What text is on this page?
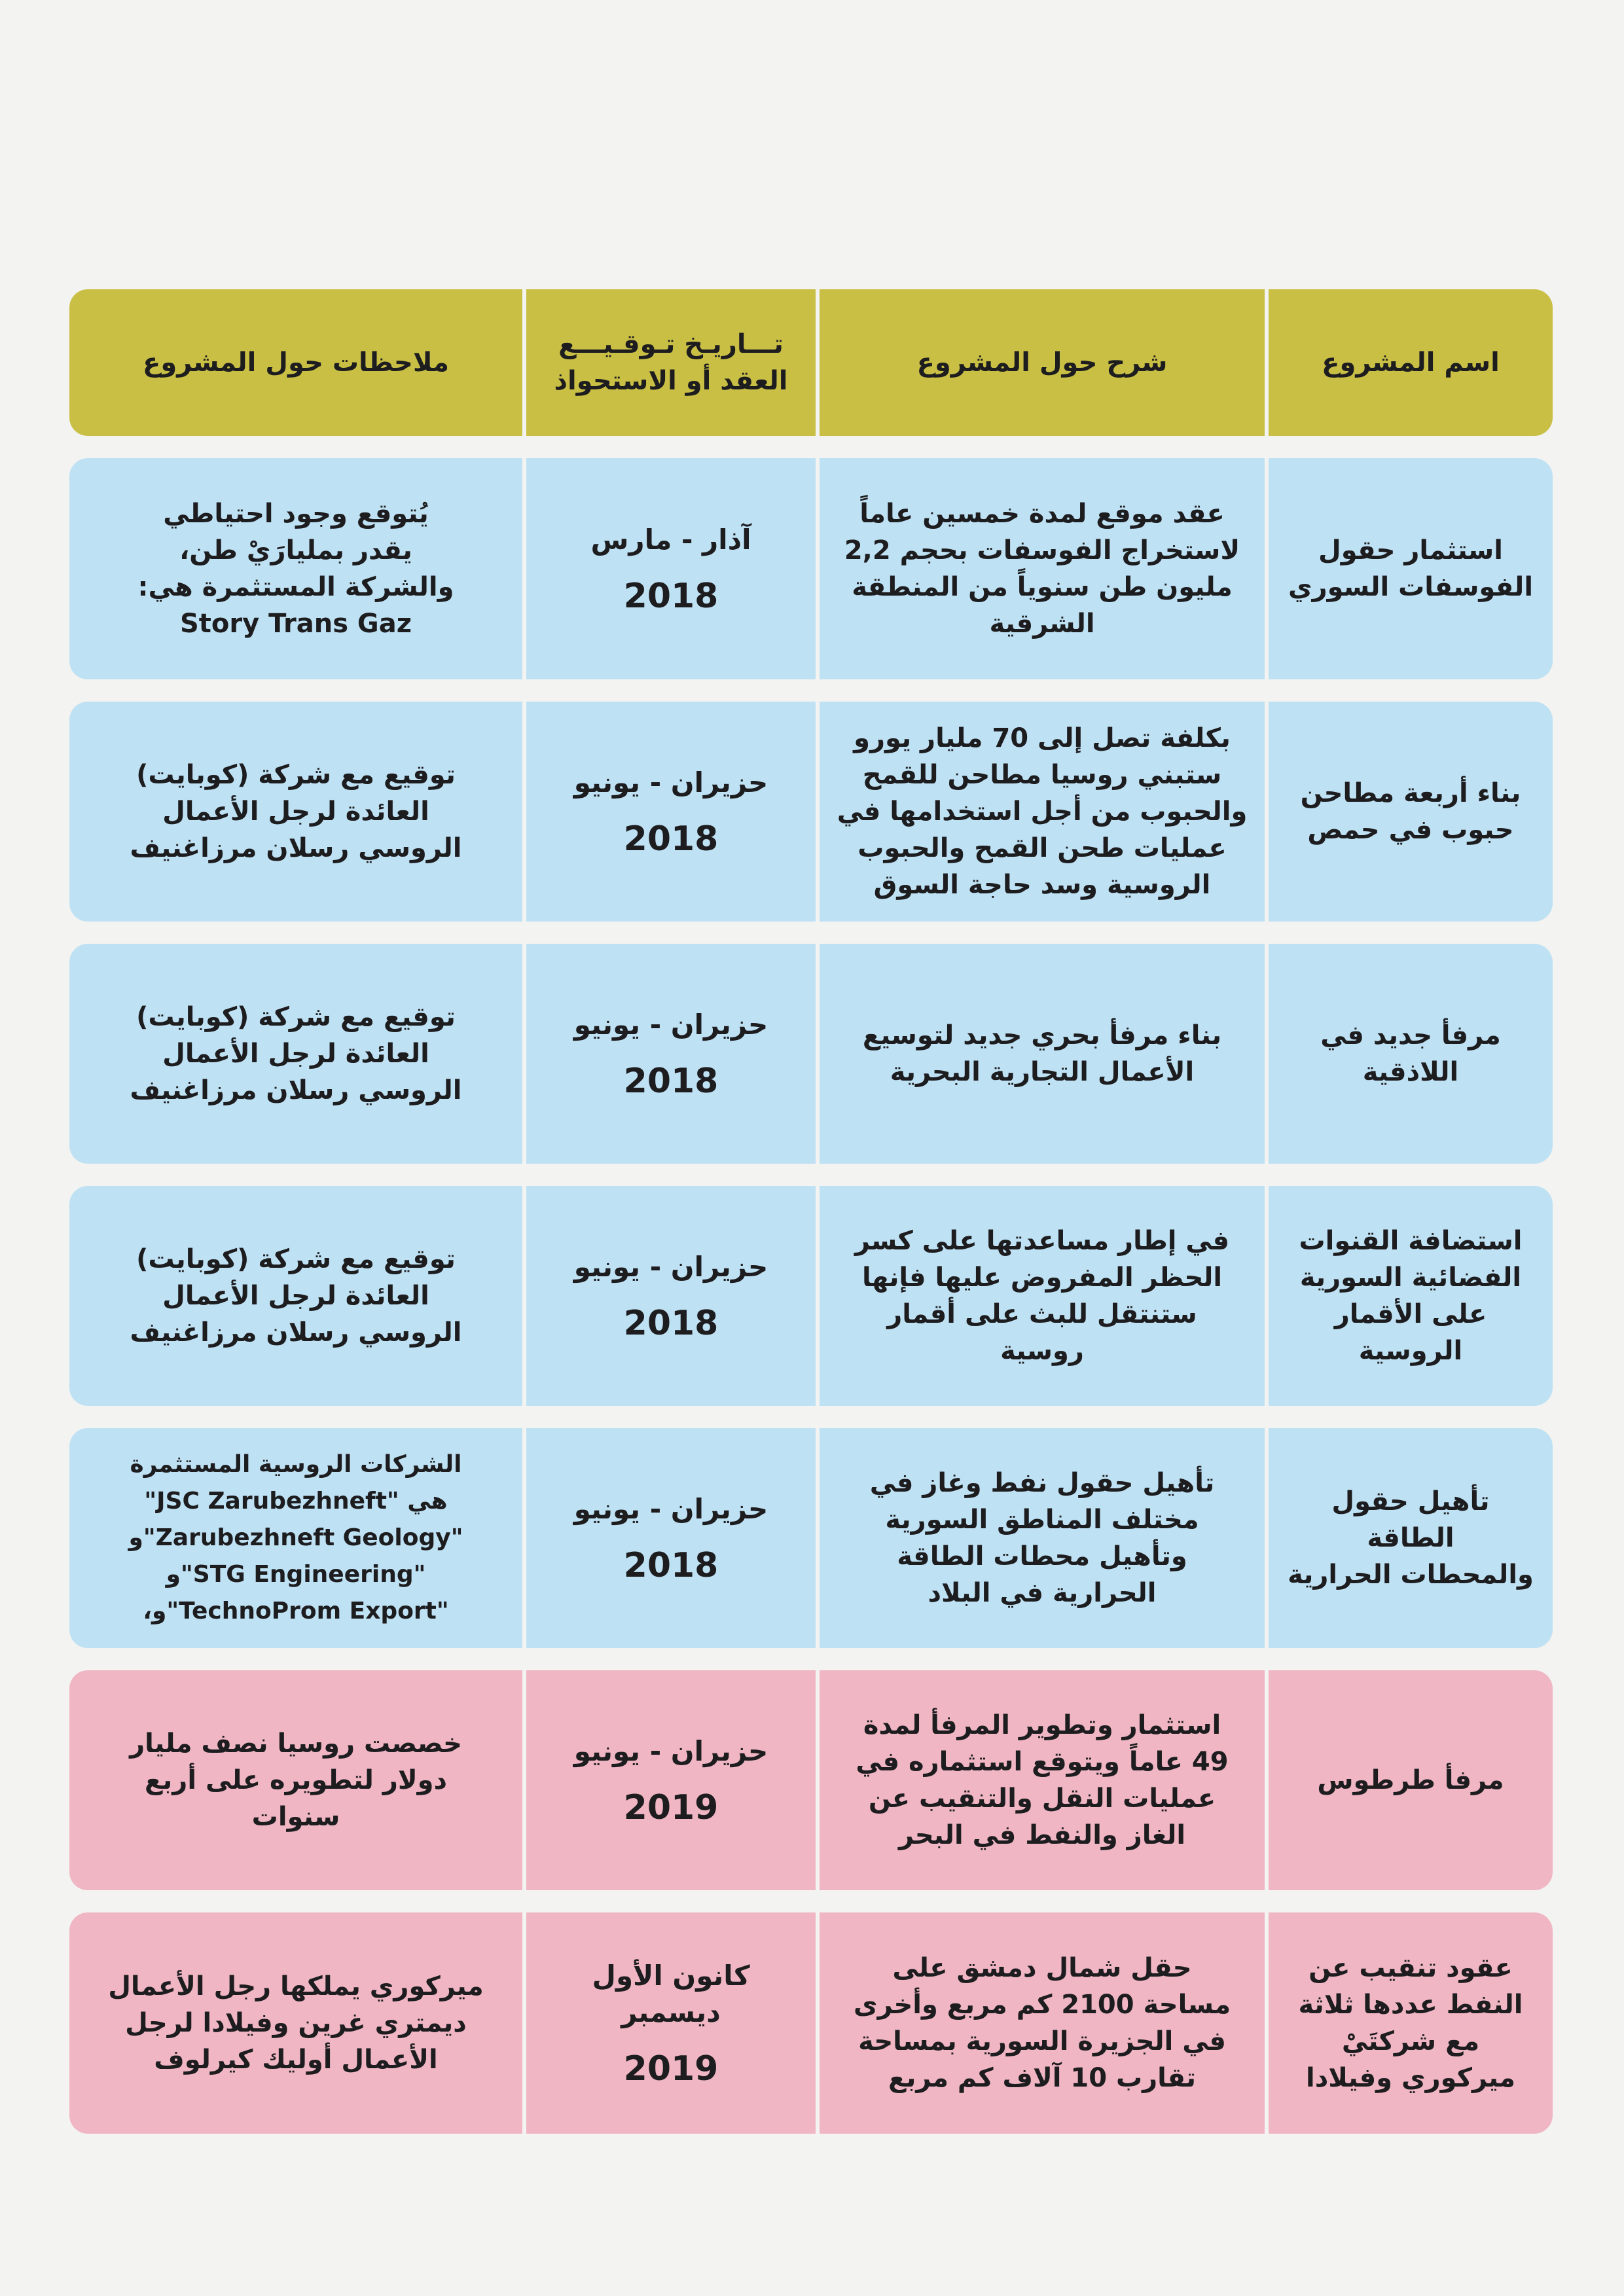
اسم المشروع
شرح حول المشروع
تـــاريـخ تـوقـيـــع
العقد أو الاستحواذ
ملاحظات حول المشروع
استثمار حقول
الفوسفات السوري
عقد موقع لمدة خمسين عاماً
لاستخراج الفوسفات بحجم 2,2
مليون طن سنوياً من المنطقة
الشرقية
آذار - مارس
2018
يُتوقع وجود احتياطي
يقدر بمليارَيْ طن،
والشركة المستثمرة هي:
Story Trans Gaz
بناء أربعة مطاحن
حبوب في حمص
بكلفة تصل إلى 70 مليار يورو
ستبني روسيا مطاحن للقمح
والحبوب من أجل استخدامها في
عمليات طحن القمح والحبوب
الروسية وسد حاجة السوق
حزيران - يونيو
2018
توقيع مع شركة (كوبايت)
العائدة لرجل الأعمال
الروسي رسلان مرزاغنيف
مرفأ جديد في
اللاذقية
بناء مرفأ بحري جديد لتوسيع
الأعمال التجارية البحرية
حزيران - يونيو
2018
توقيع مع شركة (كوبايت)
العائدة لرجل الأعمال
الروسي رسلان مرزاغنيف
استضافة القنوات
الفضائية السورية
على الأقمار الروسية
في إطار مساعدتها على كسر
الحظر المفروض عليها فإنها
ستنتقل للبث على أقمار
روسية
حزيران - يونيو
2018
توقيع مع شركة (كوبايت)
العائدة لرجل الأعمال
الروسي رسلان مرزاغنيف
تأهيل حقول الطاقة
والمحطات الحرارية
تأهيل حقول نفط وغاز في
مختلف المناطق السورية
وتأهيل محطات الطاقة
الحرارية في البلاد
حزيران - يونيو
2018
الشركات الروسية المستثمرة
هي "JSC Zarubezhneft"
"Zarubezhneft Geology"و
"STG Engineering"و
"TechnoProm Export"و،
مرفأ طرطوس
استثمار وتطوير المرفأ لمدة
49 عاماً ويتوقع استثماره في
عمليات النقل والتنقيب عن
الغاز والنفط في البحر
حزيران - يونيو
2019
خصصت روسيا نصف مليار
دولار لتطويره على أربع
سنوات
عقود تنقيب عن
النفط عددها ثلاثة
مع شركتَيْ
ميركوري وفيلادا
حقل شمال دمشق على
مساحة 2100 كم مربع وأخرى
في الجزيرة السورية بمساحة
تقارب 10 آلاف كم مربع
كانون الأول
ديسمبر
2019
ميركوري يملكها رجل الأعمال
ديمتري غرين وفيلادا لرجل
الأعمال أوليك كيرلوف
